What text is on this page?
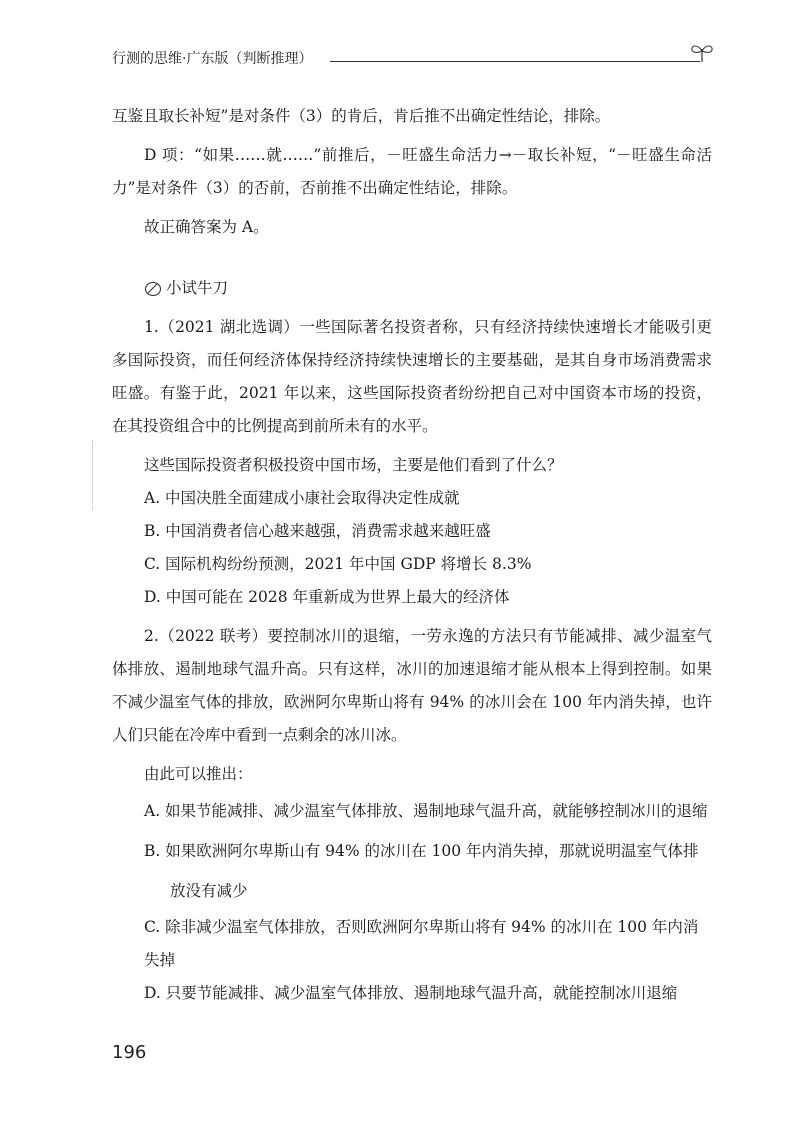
行测的思维·广东版（判断推理）

互鉴且取长补短”是对条件（3）的肯后，肯后推不出确定性结论，排除。

D 项：“如果……就……”前推后，－旺盛生命活力→－取长补短，“－旺盛生命活力”是对条件（3）的否前，否前推不出确定性结论，排除。

故正确答案为 A。

小试牛刀

1.（2021 湖北选调）一些国际著名投资者称，只有经济持续快速增长才能吸引更多国际投资，而任何经济体保持经济持续快速增长的主要基础，是其自身市场消费需求旺盛。有鉴于此，2021 年以来，这些国际投资者纷纷把自己对中国资本市场的投资，在其投资组合中的比例提高到前所未有的水平。

这些国际投资者积极投资中国市场，主要是他们看到了什么？

A. 中国决胜全面建成小康社会取得决定性成就

B. 中国消费者信心越来越强，消费需求越来越旺盛

C. 国际机构纷纷预测，2021 年中国 GDP 将增长 8.3%

D. 中国可能在 2028 年重新成为世界上最大的经济体

2.（2022 联考）要控制冰川的退缩，一劳永逸的方法只有节能减排、减少温室气体排放、遏制地球气温升高。只有这样，冰川的加速退缩才能从根本上得到控制。如果不减少温室气体的排放，欧洲阿尔卑斯山将有 94% 的冰川会在 100 年内消失掉，也许人们只能在冷库中看到一点剩余的冰川冰。

由此可以推出：

A. 如果节能减排、减少温室气体排放、遏制地球气温升高，就能够控制冰川的退缩

B. 如果欧洲阿尔卑斯山有 94% 的冰川在 100 年内消失掉，那就说明温室气体排放没有减少

C. 除非减少温室气体排放，否则欧洲阿尔卑斯山将有 94% 的冰川在 100 年内消失掉

D. 只要节能减排、减少温室气体排放、遏制地球气温升高，就能控制冰川退缩

196
